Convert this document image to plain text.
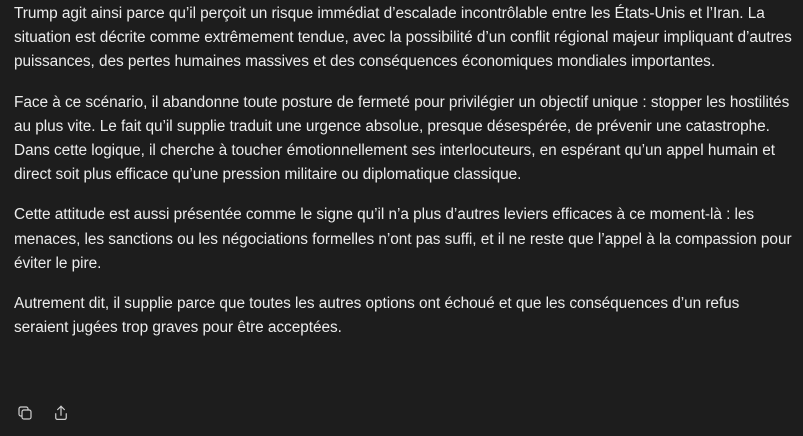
Trump agit ainsi parce qu’il perçoit un risque immédiat d’escalade incontrôlable entre les États-Unis et l’Iran. La situation est décrite comme extrêmement tendue, avec la possibilité d’un conflit régional majeur impliquant d’autres puissances, des pertes humaines massives et des conséquences économiques mondiales importantes.

Face à ce scénario, il abandonne toute posture de fermeté pour privilégier un objectif unique : stopper les hostilités au plus vite. Le fait qu’il supplie traduit une urgence absolue, presque désespérée, de prévenir une catastrophe. Dans cette logique, il cherche à toucher émotionnellement ses interlocuteurs, en espérant qu’un appel humain et direct soit plus efficace qu’une pression militaire ou diplomatique classique.

Cette attitude est aussi présentée comme le signe qu’il n’a plus d’autres leviers efficaces à ce moment-là : les menaces, les sanctions ou les négociations formelles n’ont pas suffi, et il ne reste que l’appel à la compassion pour éviter le pire.

Autrement dit, il supplie parce que toutes les autres options ont échoué et que les conséquences d’un refus seraient jugées trop graves pour être acceptées.
